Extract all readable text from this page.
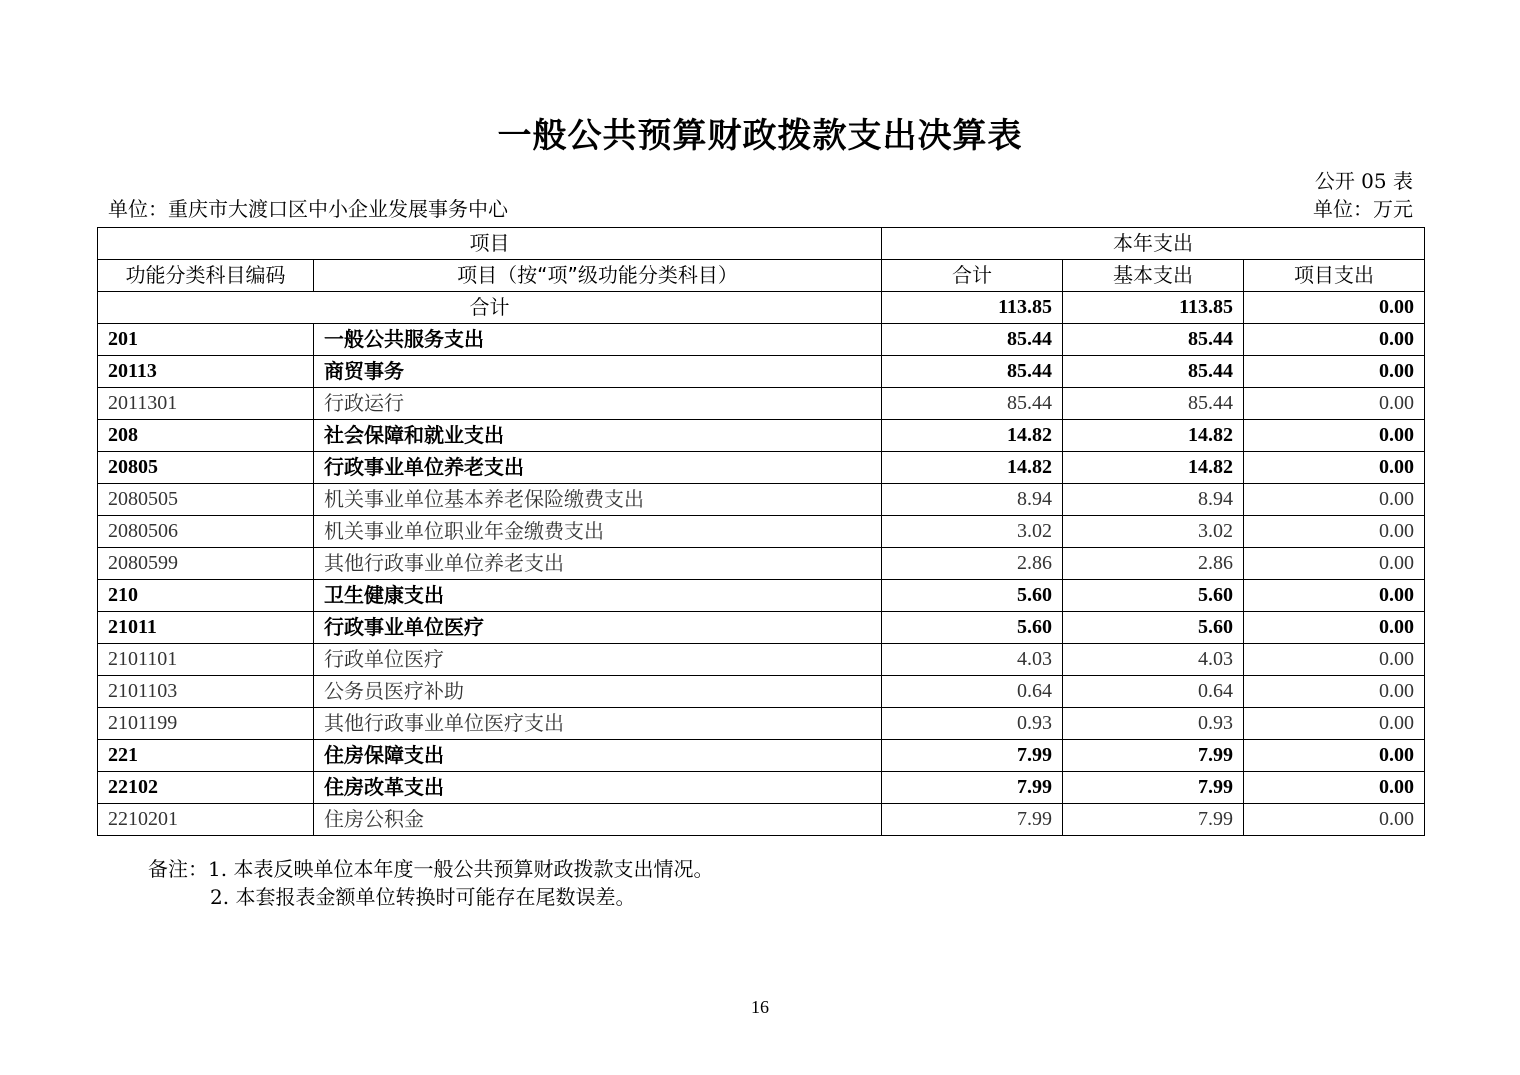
一般公共预算财政拨款支出决算表
公开 05 表
单位：重庆市大渡口区中小企业发展事务中心	单位：万元
项目		本年支出		
功能分类科目编码	项目（按“项”级功能分类科目）	合计	基本支出	项目支出
合计		113.85	113.85	0.00
201	一般公共服务支出	85.44	85.44	0.00
20113	商贸事务	85.44	85.44	0.00
2011301	行政运行	85.44	85.44	0.00
208	社会保障和就业支出	14.82	14.82	0.00
20805	行政事业单位养老支出	14.82	14.82	0.00
2080505	机关事业单位基本养老保险缴费支出	8.94	8.94	0.00
2080506	机关事业单位职业年金缴费支出	3.02	3.02	0.00
2080599	其他行政事业单位养老支出	2.86	2.86	0.00
210	卫生健康支出	5.60	5.60	0.00
21011	行政事业单位医疗	5.60	5.60	0.00
2101101	行政单位医疗	4.03	4.03	0.00
2101103	公务员医疗补助	0.64	0.64	0.00
2101199	其他行政事业单位医疗支出	0.93	0.93	0.00
221	住房保障支出	7.99	7.99	0.00
22102	住房改革支出	7.99	7.99	0.00
2210201	住房公积金	7.99	7.99	0.00
备注：1. 本表反映单位本年度一般公共预算财政拨款支出情况。
2. 本套报表金额单位转换时可能存在尾数误差。
16
